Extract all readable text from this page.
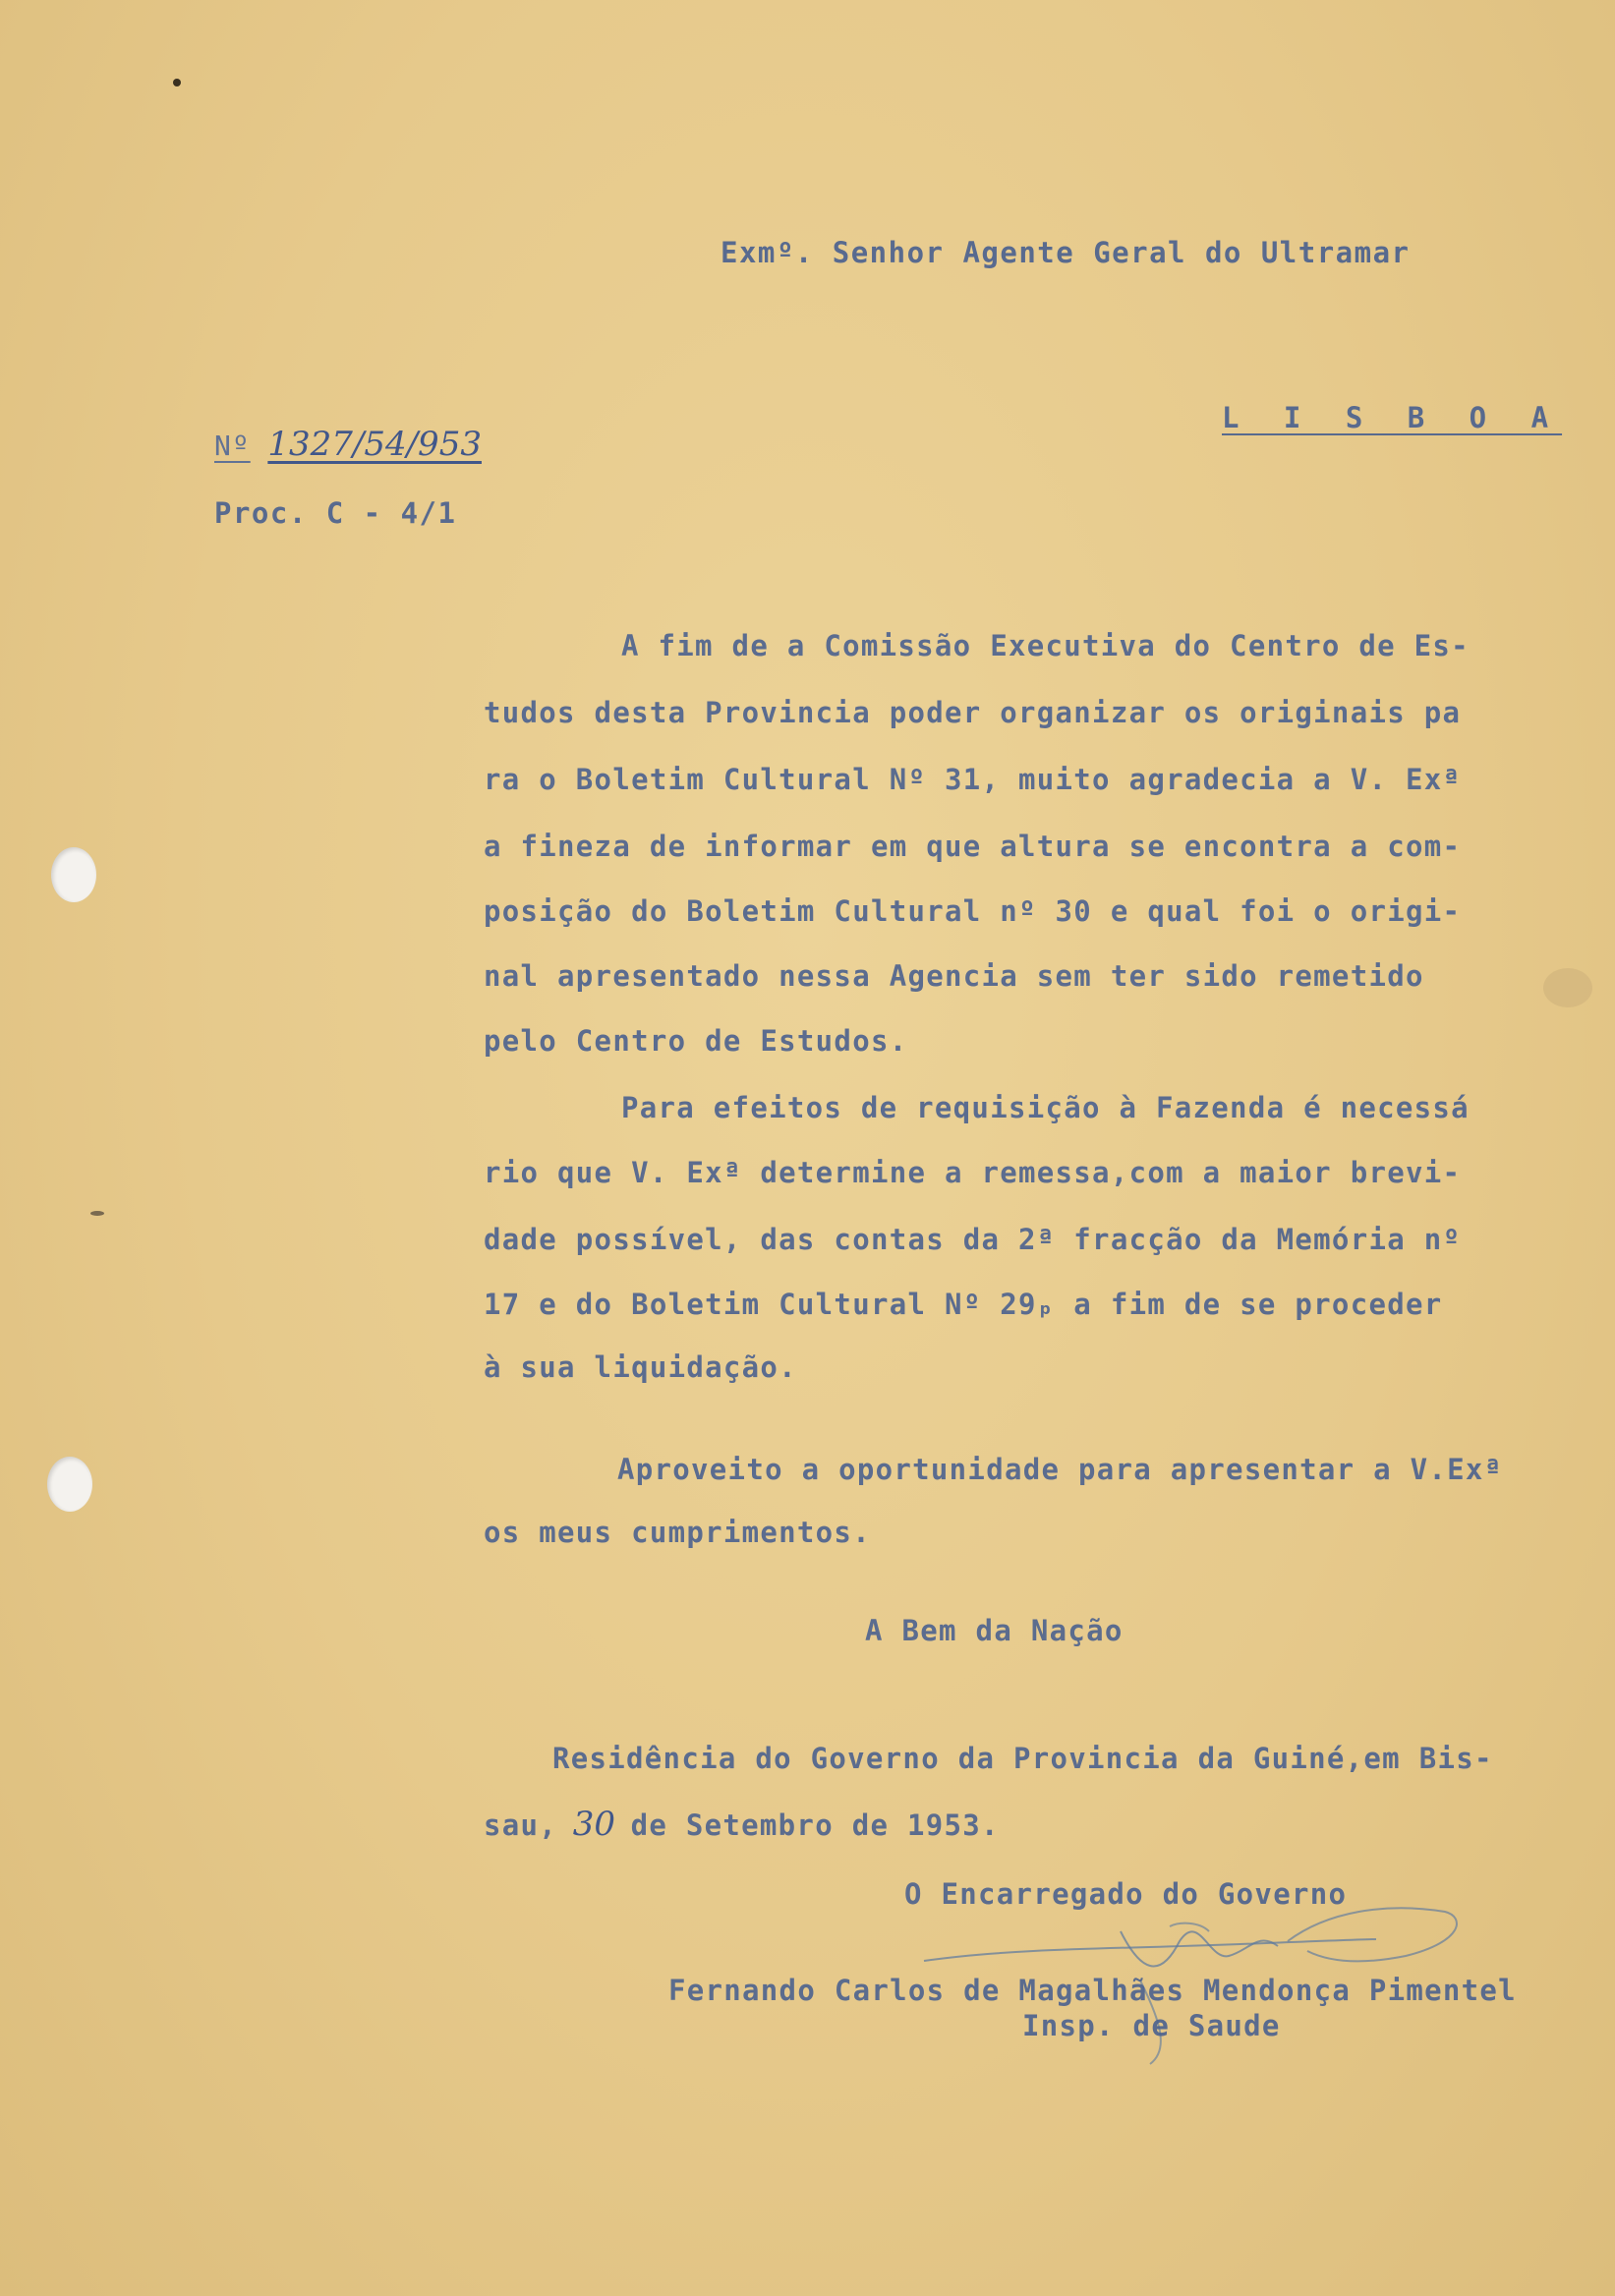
Exmº. Senhor Agente Geral do Ultramar
L I S B O A
Nº 1327/54/953
Proc. C - 4/1
A fim de a Comissão Executiva do Centro de Es-
tudos desta Provincia poder organizar os originais pa
ra o Boletim Cultural Nº 31, muito agradecia a V. Exª
a fineza de informar em que altura se encontra a com-
posição do Boletim Cultural nº 30 e qual foi o origi-
nal apresentado nessa Agencia sem ter sido remetido
pelo Centro de Estudos.
Para efeitos de requisição à Fazenda é necessá
rio que V. Exª determine a remessa,com a maior brevi-
dade possível, das contas da 2ª fracção da Memória nº
17 e do Boletim Cultural Nº 29ₚ a fim de se proceder
à sua liquidação.
Aproveito a oportunidade para apresentar a V.Exª
os meus cumprimentos.
A Bem da Nação
Residência do Governo da Provincia da Guiné,em Bis-
sau, 30 de Setembro de 1953.
O Encarregado do Governo
Fernando Carlos de Magalhães Mendonça Pimentel
Insp. de Saude
